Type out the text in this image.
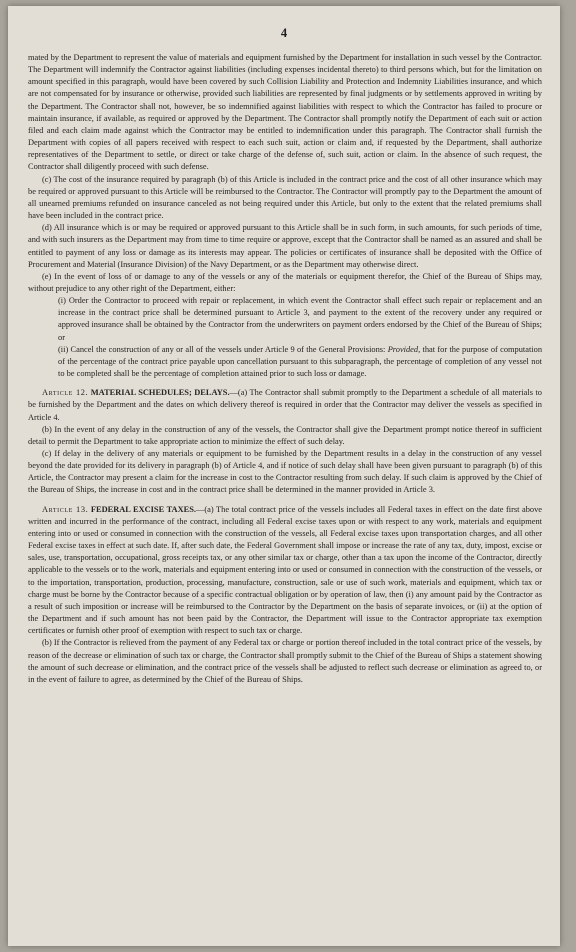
4

mated by the Department to represent the value of materials and equipment furnished by the Department for installation in such vessel by the Contractor. The Department will indemnify the Contractor against liabilities (including expenses incidental thereto) to third persons which, but for the limitation on amount specified in this paragraph, would have been covered by such Collision Liability and Protection and Indemnity Liabilities insurance, and which are not compensated for by insurance or otherwise, provided such liabilities are represented by final judgments or by settlements approved in writing by the Department. The Contractor shall not, however, be so indemnified against liabilities with respect to which the Contractor has failed to procure or maintain insurance, if available, as required or approved by the Department. The Contractor shall promptly notify the Department of each suit or action filed and each claim made against which the Contractor may be entitled to indemnification under this paragraph. The Contractor shall furnish the Department with copies of all papers received with respect to each such suit, action or claim and, if requested by the Department, shall authorize representatives of the Department to settle, or direct or take charge of the defense of, such suit, action or claim. In the absence of such request, the Contractor shall diligently proceed with such defense.

(c) The cost of the insurance required by paragraph (b) of this Article is included in the contract price and the cost of all other insurance which may be required or approved pursuant to this Article will be reimbursed to the Contractor. The Contractor will promptly pay to the Department the amount of all unearned premiums refunded on insurance canceled as not being required under this Article, but only to the extent that the related premiums shall have been included in the contract price.

(d) All insurance which is or may be required or approved pursuant to this Article shall be in such form, in such amounts, for such periods of time, and with such insurers as the Department may from time to time require or approve, except that the Contractor shall be named as an assured and shall be entitled to payment of any loss or damage as its interests may appear. The policies or certificates of insurance shall be deposited with the Office of Procurement and Material (Insurance Division) of the Navy Department, or as the Department may otherwise direct.

(e) In the event of loss of or damage to any of the vessels or any of the materials or equipment therefor, the Chief of the Bureau of Ships may, without prejudice to any other right of the Department, either:

(i) Order the Contractor to proceed with repair or replacement, in which event the Contractor shall effect such repair or replacement and an increase in the contract price shall be determined pursuant to Article 3, and payment to the extent of the recovery under any required or approved insurance shall be obtained by the Contractor from the underwriters on payment orders endorsed by the Chief of the Bureau of Ships; or

(ii) Cancel the construction of any or all of the vessels under Article 9 of the General Provisions: Provided, that for the purpose of computation of the percentage of the contract price payable upon cancellation pursuant to this subparagraph, the percentage of completion of any vessel not to be completed shall be the percentage of completion attained prior to such loss or damage.

Article 12. MATERIAL SCHEDULES; DELAYS.—(a) The Contractor shall submit promptly to the Department a schedule of all materials to be furnished by the Department and the dates on which delivery thereof is required in order that the Contractor may deliver the vessels as specified in Article 4.

(b) In the event of any delay in the construction of any of the vessels, the Contractor shall give the Department prompt notice thereof in sufficient detail to permit the Department to take appropriate action to minimize the effect of such delay.

(c) If delay in the delivery of any materials or equipment to be furnished by the Department results in a delay in the construction of any vessel beyond the date provided for its delivery in paragraph (b) of Article 4, and if notice of such delay shall have been given pursuant to paragraph (b) of this Article, the Contractor may present a claim for the increase in cost to the Contractor resulting from such delay. If such claim is approved by the Chief of the Bureau of Ships, the increase in cost and in the contract price shall be determined in the manner provided in Article 3.

Article 13. FEDERAL EXCISE TAXES.—(a) The total contract price of the vessels includes all Federal taxes in effect on the date first above written and incurred in the performance of the contract, including all Federal excise taxes upon or with respect to any work, materials and equipment entering into or used or consumed in connection with the construction of the vessels, all Federal excise taxes upon transportation charges, and all other Federal excise taxes in effect at such date. If, after such date, the Federal Government shall impose or increase the rate of any tax, duty, impost, excise or sales, use, transportation, occupational, gross receipts tax, or any other similar tax or charge, other than a tax upon the income of the Contractor, directly applicable to the vessels or to the work, materials and equipment entering into or used or consumed in connection with the construction of the vessels, or to the importation, transportation, production, processing, manufacture, construction, sale or use of such work, materials and equipment, which tax or charge must be borne by the Contractor because of a specific contractual obligation or by operation of law, then (i) any amount paid by the Contractor as a result of such imposition or increase will be reimbursed to the Contractor by the Department on the basis of separate invoices, or (ii) at the option of the Department and if such amount has not been paid by the Contractor, the Department will issue to the Contractor appropriate tax exemption certificates or furnish other proof of exemption with respect to such tax or charge.

(b) If the Contractor is relieved from the payment of any Federal tax or charge or portion thereof included in the total contract price of the vessels, by reason of the decrease or elimination of such tax or charge, the Contractor shall promptly submit to the Chief of the Bureau of Ships a statement showing the amount of such decrease or elimination, and the contract price of the vessels shall be adjusted to reflect such decrease or elimination as agreed to, or in the event of failure to agree, as determined by the Chief of the Bureau of Ships.
